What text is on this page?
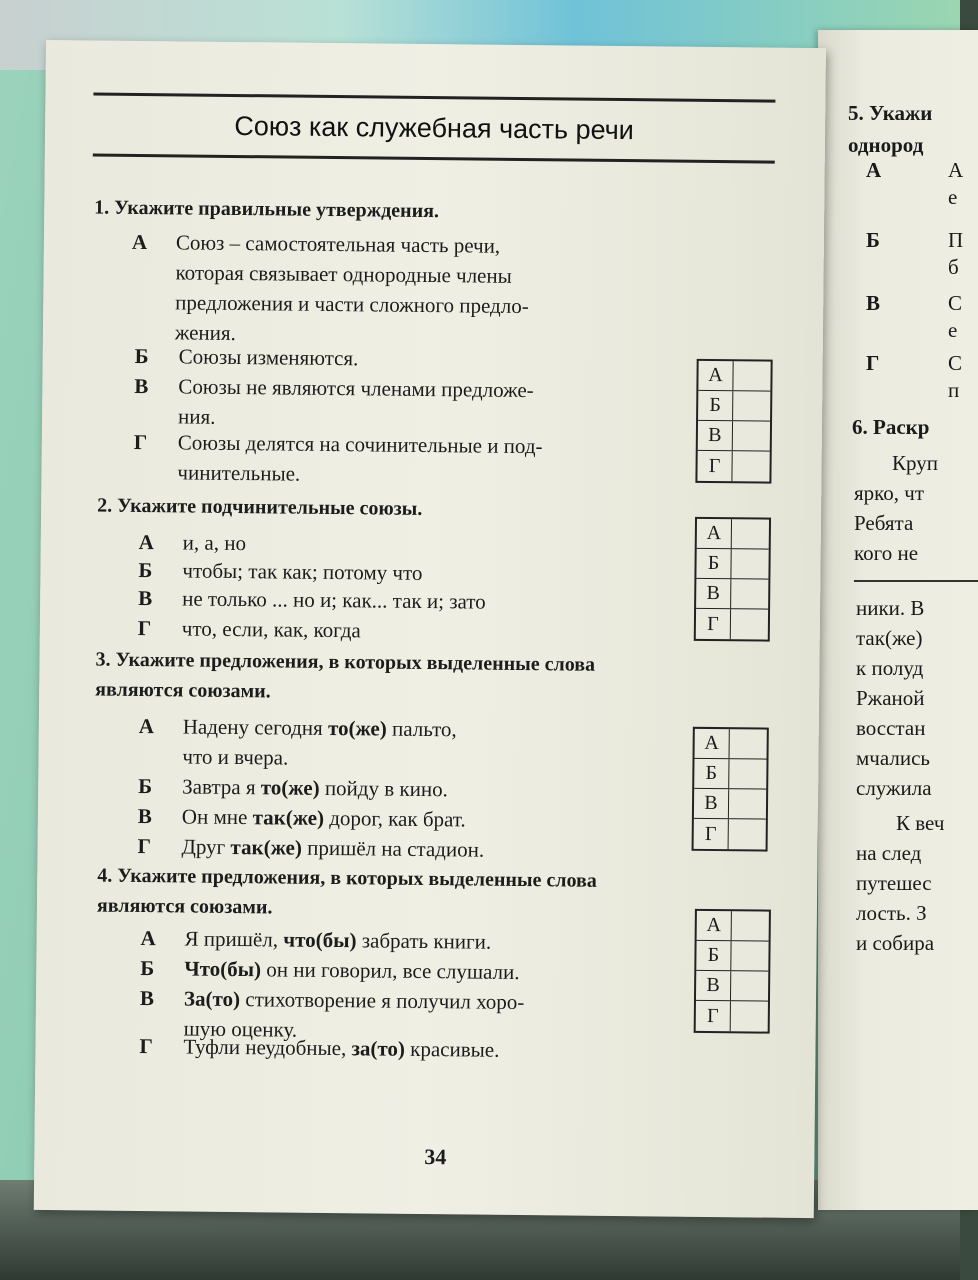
5. Укажи
однород
А	А
е
Б	П
б
В	С
е
Г	С
п
6. Раскр
Круп
ярко, чт
Ребята
кого не
ники. В
так(же)
к полуд
Ржаной
восстан
мчались
служила
К веч
на след
путешес
лость. З
и собира
Союз как служебная часть речи
1. Укажите правильные утверждения.
А Союз – самостоятельная часть речи,
которая связывает однородные члены
предложения и части сложного предло-
жения.
Б Союзы изменяются.
В Союзы не являются членами предложе-
ния.
Г Союзы делятся на сочинительные и под-
чинительные.
А
Б
В
Г
2. Укажите подчинительные союзы.
А и, а, но
Б чтобы; так как; потому что
В не только ... но и; как... так и; зато
Г что, если, как, когда
А
Б
В
Г
3. Укажите предложения, в которых выделенные слова
являются союзами.
А Надену сегодня то(же) пальто,
что и вчера.
Б Завтра я то(же) пойду в кино.
В Он мне так(же) дорог, как брат.
Г Друг так(же) пришёл на стадион.
А
Б
В
Г
4. Укажите предложения, в которых выделенные слова
являются союзами.
А Я пришёл, что(бы) забрать книги.
Б Что(бы) он ни говорил, все слушали.
В За(то) стихотворение я получил хоро-
шую оценку.
Г Туфли неудобные, за(то) красивые.
А
Б
В
Г
34
